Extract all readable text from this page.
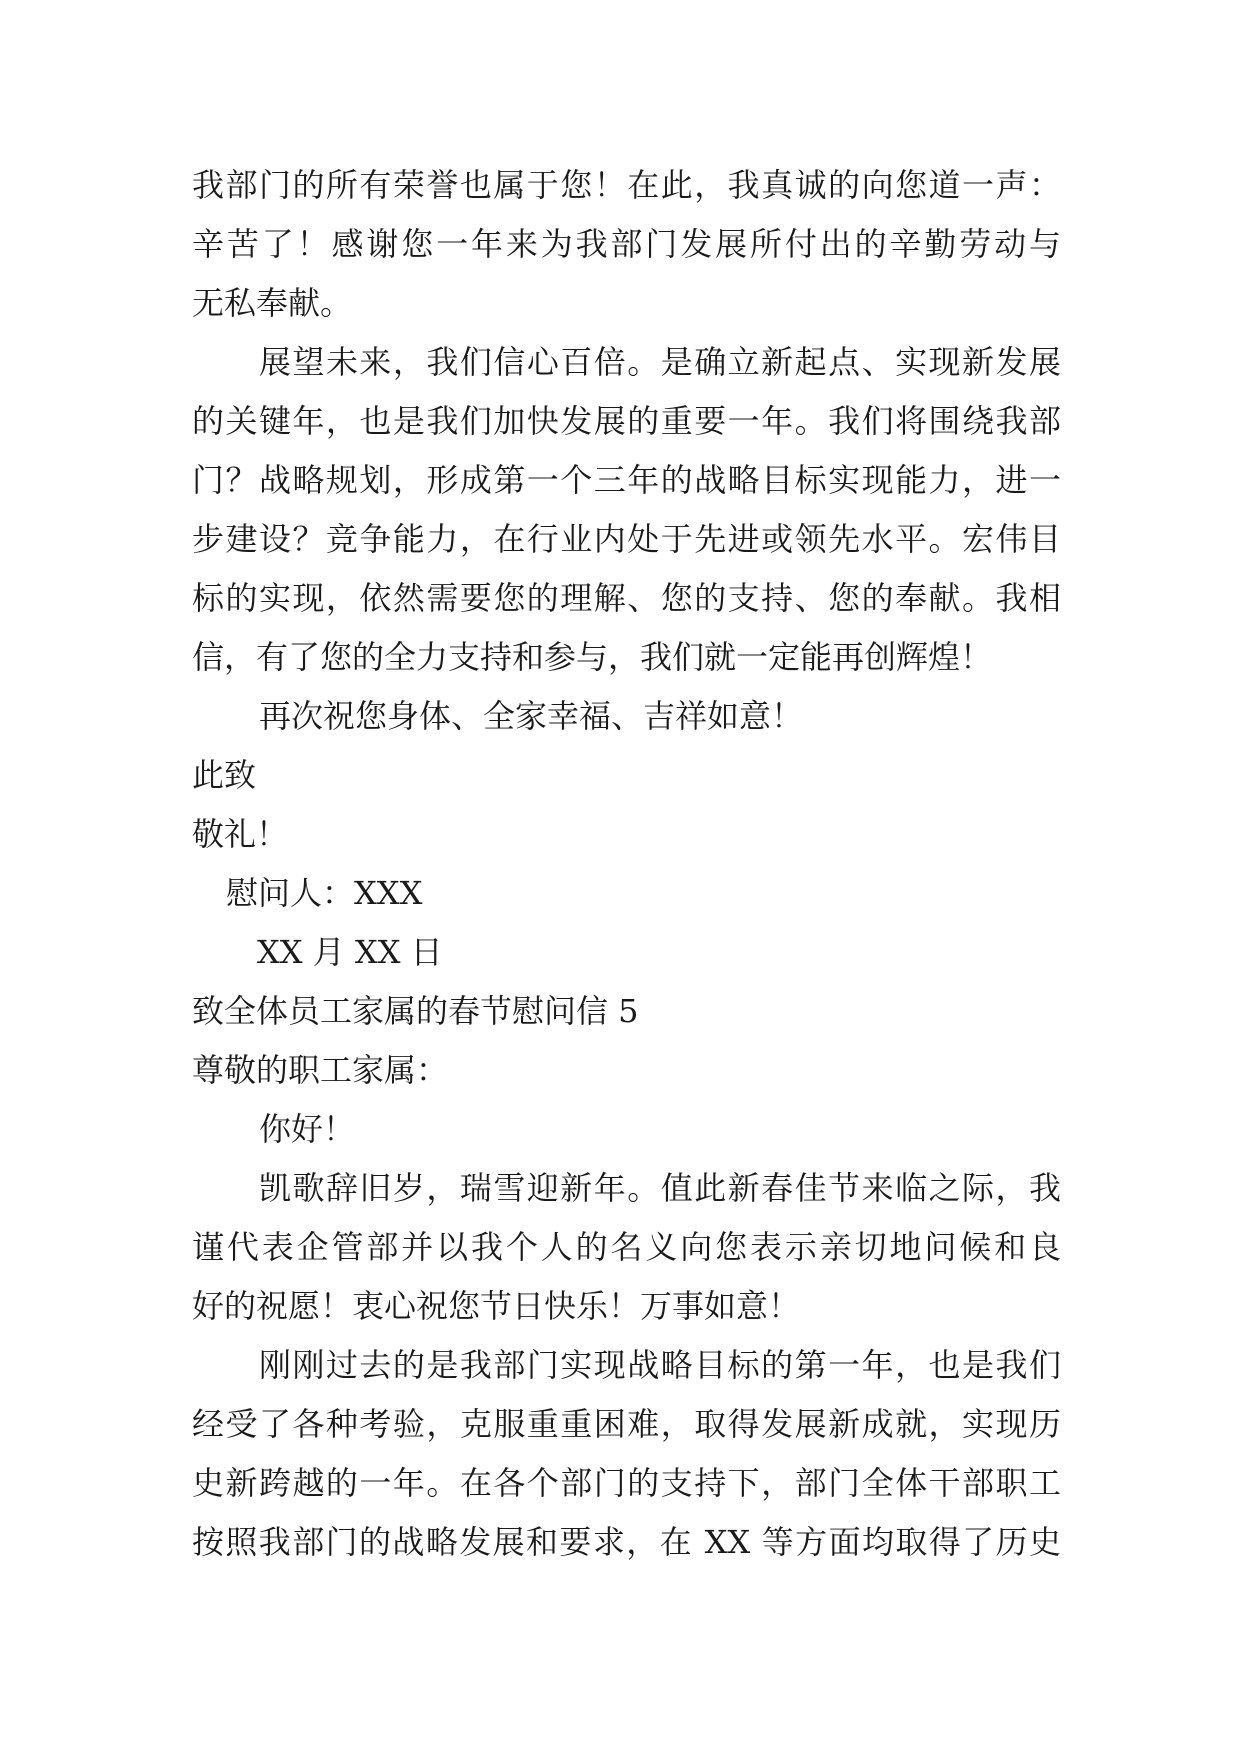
我部门的所有荣誉也属于您！在此，我真诚的向您道一声：
辛苦了！感谢您一年来为我部门发展所付出的辛勤劳动与
无私奉献。
展望未来，我们信心百倍。是确立新起点、实现新发展
的关键年，也是我们加快发展的重要一年。我们将围绕我部
门？战略规划，形成第一个三年的战略目标实现能力，进一
步建设？竞争能力，在行业内处于先进或领先水平。宏伟目
标的实现，依然需要您的理解、您的支持、您的奉献。我相
信，有了您的全力支持和参与，我们就一定能再创辉煌！
再次祝您身体、全家幸福、吉祥如意！
此致
敬礼！
慰问人：XXX
XX 月 XX 日
致全体员工家属的春节慰问信 5
尊敬的职工家属：
你好！
凯歌辞旧岁，瑞雪迎新年。值此新春佳节来临之际，我
谨代表企管部并以我个人的名义向您表示亲切地问候和良
好的祝愿！衷心祝您节日快乐！万事如意！
刚刚过去的是我部门实现战略目标的第一年，也是我们
经受了各种考验，克服重重困难，取得发展新成就，实现历
史新跨越的一年。在各个部门的支持下，部门全体干部职工
按照我部门的战略发展和要求，在 XX 等方面均取得了历史
